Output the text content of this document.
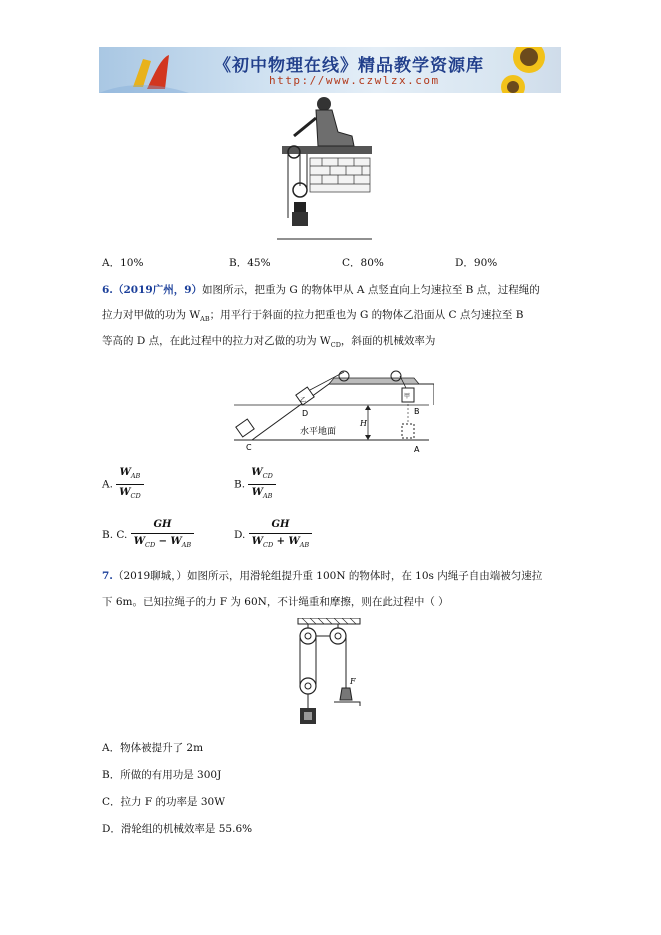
《初中物理在线》精品教学资源库
http://www.czwlzx.com
A．10%	B．45%	C．80%	D．90%
6.（2019广州，9）如图所示，把重为 G 的物体甲从 A 点竖直向上匀速拉至 B 点，过程绳的
拉力对甲做的功为 $W_{AB}$；用平行于斜面的拉力把重也为 G 的物体乙沿面从 C 点匀速拉至 B
等高的 D 点，在此过程中的拉力对乙做的功为 $W_{CD}$，斜面的机械效率为
D
C
B
A
H
水平地面
乙
甲
A. $\frac{W_{AB}}{W_{CD}}$	B. $\frac{W_{CD}}{W_{AB}}$
B. C. $\frac{GH}{W_{CD} - W_{AB}}$	D. $\frac{GH}{W_{CD} + W_{AB}}$
7.（2019聊城，）如图所示，用滑轮组提升重 100N 的物体时，在 10s 内绳子自由端被匀速拉
下 6m。已知拉绳子的力 F 为 60N，不计绳重和摩擦，则在此过程中（ ）
F
A．物体被提升了 2m
B．所做的有用功是 300J
C．拉力 F 的功率是 30W
D．滑轮组的机械效率是 55.6%
